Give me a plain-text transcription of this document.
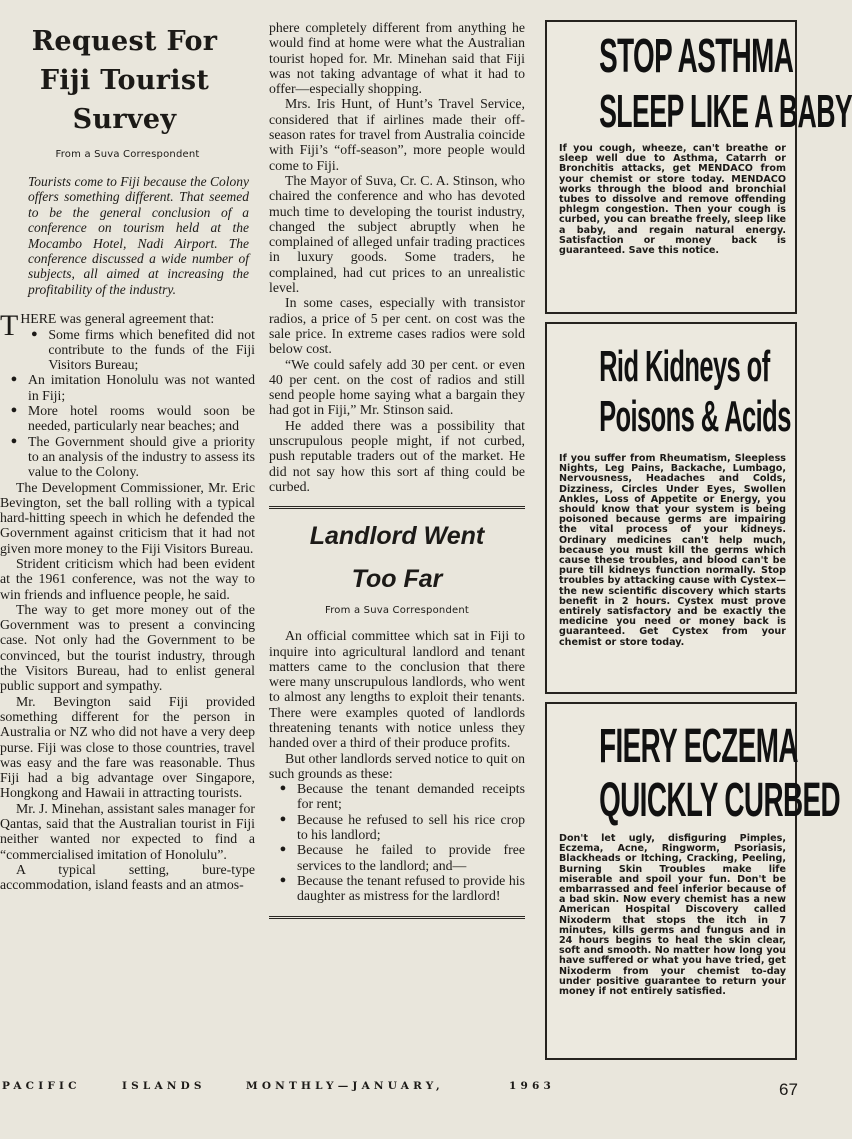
Request For
Fiji Tourist
Survey
From a Suva Correspondent
Tourists come to Fiji because the Colony offers something different. That seemed to be the general conclusion of a conference on tourism held at the Mocambo Hotel, Nadi Airport. The conference discussed a wide number of subjects, all aimed at increasing the profitability of the industry.

THERE was general agreement that:

● Some firms which benefited did not contribute to the funds of the Fiji Visitors Bureau;
● An imitation Honolulu was not wanted in Fiji;
● More hotel rooms would soon be needed, particularly near beaches; and
● The Government should give a priority to an analysis of the industry to assess its value to the Colony.

The Development Commissioner, Mr. Eric Bevington, set the ball rolling with a typical hard-hitting speech in which he defended the Government against criticism that it had not given more money to the Fiji Visitors Bureau.

Strident criticism which had been evident at the 1961 conference, was not the way to win friends and influence people, he said.

The way to get more money out of the Government was to present a convincing case. Not only had the Government to be convinced, but the tourist industry, through the Visitors Bureau, had to enlist general public support and sympathy.

Mr. Bevington said Fiji provided something different for the person in Australia or NZ who did not have a very deep purse. Fiji was close to those countries, travel was easy and the fare was reasonable. Thus Fiji had a big advantage over Singapore, Hongkong and Hawaii in attracting tourists.

Mr. J. Minehan, assistant sales manager for Qantas, said that the Australian tourist in Fiji neither wanted nor expected to find a “commercialised imitation of Honolulu”.

A typical setting, bure-type accommodation, island feasts and an atmos-

phere completely different from anything he would find at home were what the Australian tourist hoped for. Mr. Minehan said that Fiji was not taking advantage of what it had to offer—especially shopping.

Mrs. Iris Hunt, of Hunt’s Travel Service, considered that if airlines made their off-season rates for travel from Australia coincide with Fiji’s “off-season”, more people would come to Fiji.

The Mayor of Suva, Cr. C. A. Stinson, who chaired the conference and who has devoted much time to developing the tourist industry, changed the subject abruptly when he complained of alleged unfair trading practices in luxury goods. Some traders, he complained, had cut prices to an unrealistic level.

In some cases, especially with transistor radios, a price of 5 per cent. on cost was the sale price. In extreme cases radios were sold below cost.

“We could safely add 30 per cent. or even 40 per cent. on the cost of radios and still send people home saying what a bargain they had got in Fiji,” Mr. Stinson said.

He added there was a possibility that unscrupulous people might, if not curbed, push reputable traders out of the market. He did not say how this sort af thing could be curbed.

Landlord Went
Too Far
From a Suva Correspondent

An official committee which sat in Fiji to inquire into agricultural landlord and tenant matters came to the conclusion that there were many unscrupulous landlords, who went to almost any lengths to exploit their tenants. There were examples quoted of landlords threatening tenants with notice unless they handed over a third of their produce profits.

But other landlords served notice to quit on such grounds as these:

● Because the tenant demanded receipts for rent;
● Because he refused to sell his rice crop to his landlord;
● Because he failed to provide free services to the landlord; and—
● Because the tenant refused to provide his daughter as mistress for the lardlord!
STOP ASTHMA
SLEEP LIKE A BABY
If you cough, wheeze, can't breathe or sleep well due to Asthma, Catarrh or Bronchitis attacks, get MENDACO from your chemist or store today. MENDACO works through the blood and bronchial tubes to dissolve and remove offending phlegm congestion. Then your cough is curbed, you can breathe freely, sleep like a baby, and regain natural energy. Satisfaction or money back is guaranteed. Save this notice.
Rid Kidneys of
Poisons & Acids
If you suffer from Rheumatism, Sleepless Nights, Leg Pains, Backache, Lumbago, Nervousness, Headaches and Colds, Dizziness, Circles Under Eyes, Swollen Ankles, Loss of Appetite or Energy, you should know that your system is being poisoned because germs are impairing the vital process of your kidneys. Ordinary medicines can't help much, because you must kill the germs which cause these troubles, and blood can't be pure till kidneys function normally. Stop troubles by attacking cause with Cystex—the new scientific discovery which starts benefit in 2 hours. Cystex must prove entirely satisfactory and be exactly the medicine you need or money back is guaranteed. Get Cystex from your chemist or store today.
FIERY ECZEMA
QUICKLY CURBED
Don't let ugly, disfiguring Pimples, Eczema, Acne, Ringworm, Psoriasis, Blackheads or Itching, Cracking, Peeling, Burning Skin Troubles make life miserable and spoil your fun. Don't be embarrassed and feel inferior because of a bad skin. Now every chemist has a new American Hospital Discovery called Nixoderm that stops the itch in 7 minutes, kills germs and fungus and in 24 hours begins to heal the skin clear, soft and smooth. No matter how long you have suffered or what you have tried, get Nixoderm from your chemist to-day under positive guarantee to return your money if not entirely satisfied.
PACIFIC	ISLANDS	MONTHLY—JANUARY,	1963	67
